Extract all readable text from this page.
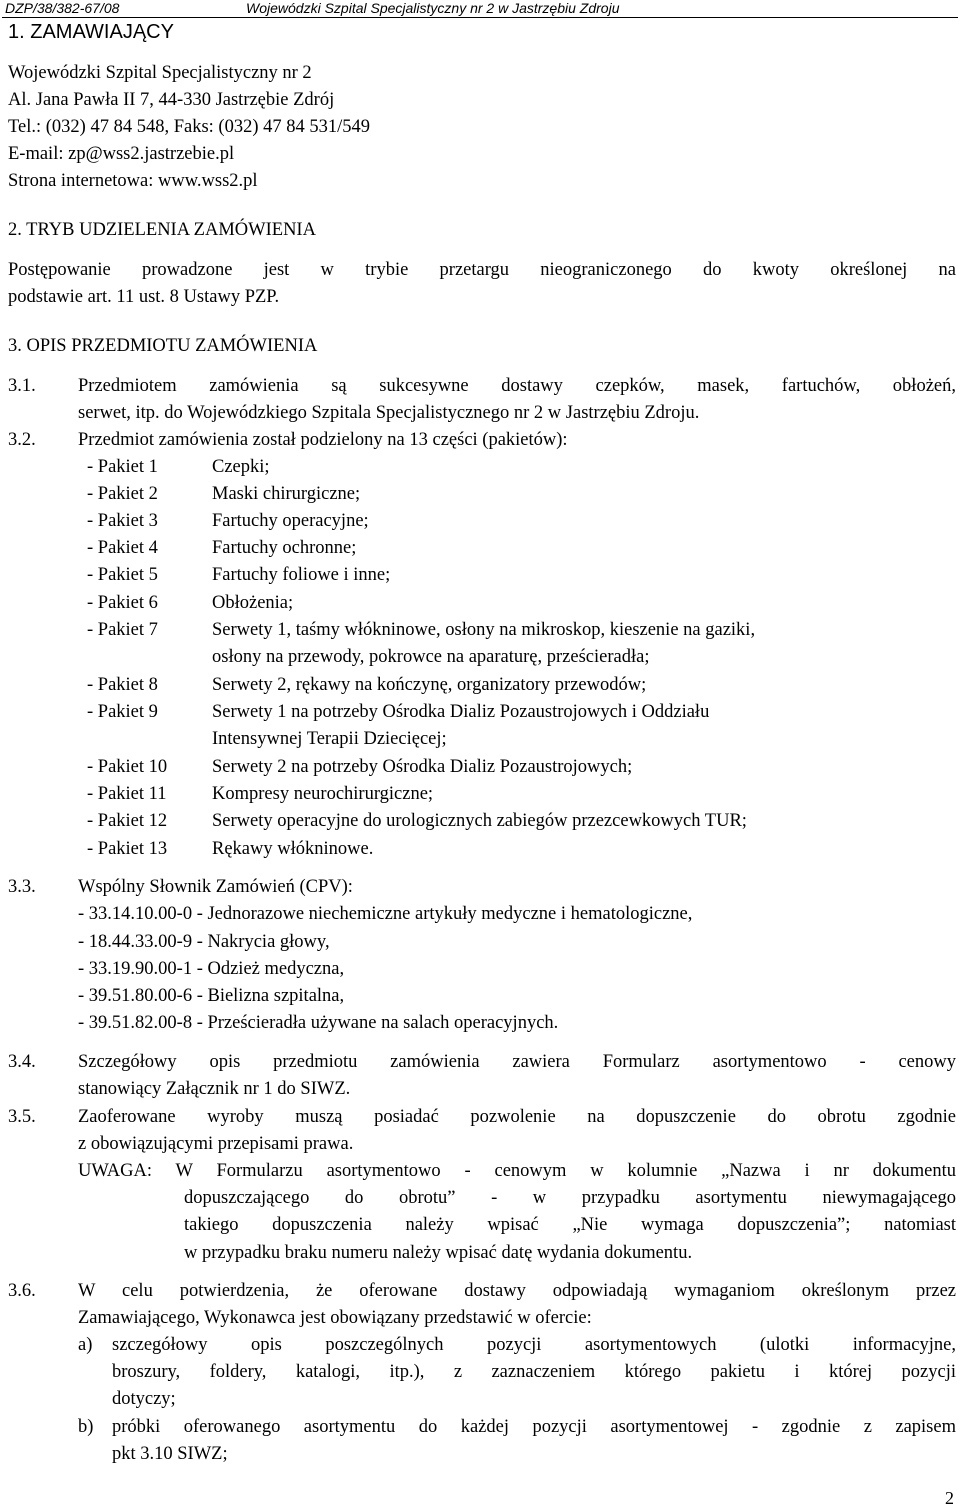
DZP/38/382-67/08	Wojewódzki Szpital Specjalistyczny nr 2 w Jastrzębiu Zdroju
1. ZAMAWIAJĄCY
Wojewódzki Szpital Specjalistyczny nr 2
Al. Jana Pawła II 7, 44-330 Jastrzębie Zdrój
Tel.: (032) 47 84 548, Faks: (032) 47 84 531/549
E-mail: zp@wss2.jastrzebie.pl
Strona internetowa: www.wss2.pl
2. TRYB UDZIELENIA ZAMÓWIENIA
Postępowanie prowadzone jest w trybie przetargu nieograniczonego do kwoty określonej na
podstawie art. 11 ust. 8 Ustawy PZP.
3. OPIS PRZEDMIOTU ZAMÓWIENIA
3.1. Przedmiotem zamówienia są sukcesywne dostawy czepków, masek, fartuchów, obłożeń,
serwet, itp. do Wojewódzkiego Szpitala Specjalistycznego nr 2 w Jastrzębiu Zdroju.
3.2. Przedmiot zamówienia został podzielony na 13 części (pakietów):
- Pakiet 1	Czepki;
- Pakiet 2	Maski chirurgiczne;
- Pakiet 3	Fartuchy operacyjne;
- Pakiet 4	Fartuchy ochronne;
- Pakiet 5	Fartuchy foliowe i inne;
- Pakiet 6	Obłożenia;
- Pakiet 7	Serwety 1, taśmy włókninowe, osłony na mikroskop, kieszenie na gaziki,
osłony na przewody, pokrowce na aparaturę, prześcieradła;
- Pakiet 8	Serwety 2, rękawy na kończynę, organizatory przewodów;
- Pakiet 9	Serwety 1 na potrzeby Ośrodka Dializ Pozaustrojowych i Oddziału
Intensywnej Terapii Dziecięcej;
- Pakiet 10 Serwety 2 na potrzeby Ośrodka Dializ Pozaustrojowych;
- Pakiet 11 Kompresy neurochirurgiczne;
- Pakiet 12 Serwety operacyjne do urologicznych zabiegów przezcewkowych TUR;
- Pakiet 13 Rękawy włókninowe.
3.3. Wspólny Słownik Zamówień (CPV):
- 33.14.10.00-0 - Jednorazowe niechemiczne artykuły medyczne i hematologiczne,
- 18.44.33.00-9 - Nakrycia głowy,
- 33.19.90.00-1 - Odzież medyczna,
- 39.51.80.00-6 - Bielizna szpitalna,
- 39.51.82.00-8 - Prześcieradła używane na salach operacyjnych.
3.4. Szczegółowy opis przedmiotu zamówienia zawiera Formularz asortymentowo - cenowy
stanowiący Załącznik nr 1 do SIWZ.
3.5. Zaoferowane wyroby muszą posiadać pozwolenie na dopuszczenie do obrotu zgodnie
z obowiązującymi przepisami prawa.
UWAGA: W Formularzu asortymentowo - cenowym w kolumnie „Nazwa i nr dokumentu
dopuszczającego do obrotu” - w przypadku asortymentu niewymagającego
takiego dopuszczenia należy wpisać „Nie wymaga dopuszczenia”; natomiast
w przypadku braku numeru należy wpisać datę wydania dokumentu.
3.6. W celu potwierdzenia, że oferowane dostawy odpowiadają wymaganiom określonym przez
Zamawiającego, Wykonawca jest obowiązany przedstawić w ofercie:
a) szczegółowy opis poszczególnych pozycji asortymentowych (ulotki informacyjne,
broszury, foldery, katalogi, itp.), z zaznaczeniem którego pakietu i której pozycji
dotyczy;
b) próbki oferowanego asortymentu do każdej pozycji asortymentowej - zgodnie z zapisem
pkt 3.10 SIWZ;
2
